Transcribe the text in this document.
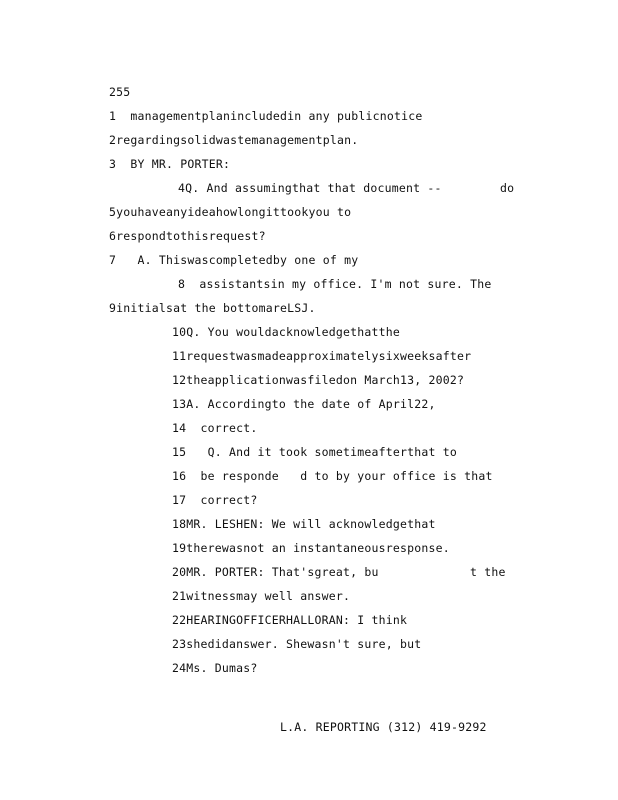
255
1  managementplanincludedin any publicnotice
2regardingsolidwastemanagementplan.
3  BY MR. PORTER:
4Q. And assumingthat that document --	do
5youhaveanyideahowlongittookyou to
6respondtothisrequest?
7   A. Thiswascompletedby one of my
8  assistantsin my office. I'm not sure. The
9initialsat the bottomareLSJ.
10Q. You wouldacknowledgethatthe
11requestwasmadeapproximatelysixweeksafter
12theapplicationwasfiledon March13, 2002?
13A. Accordingto the date of April22,
14  correct.
15   Q. And it took sometimeafterthat to
16  be responde   d to by your office is that
17  correct?
18MR. LESHEN: We will acknowledgethat
19therewasnot an instantaneousresponse.
20MR. PORTER: That'sgreat, bu	t the
21witnessmay well answer.
22HEARINGOFFICERHALLORAN: I think
23shedidanswer. Shewasn't sure, but
24Ms. Dumas?
L.A. REPORTING (312) 419-9292
